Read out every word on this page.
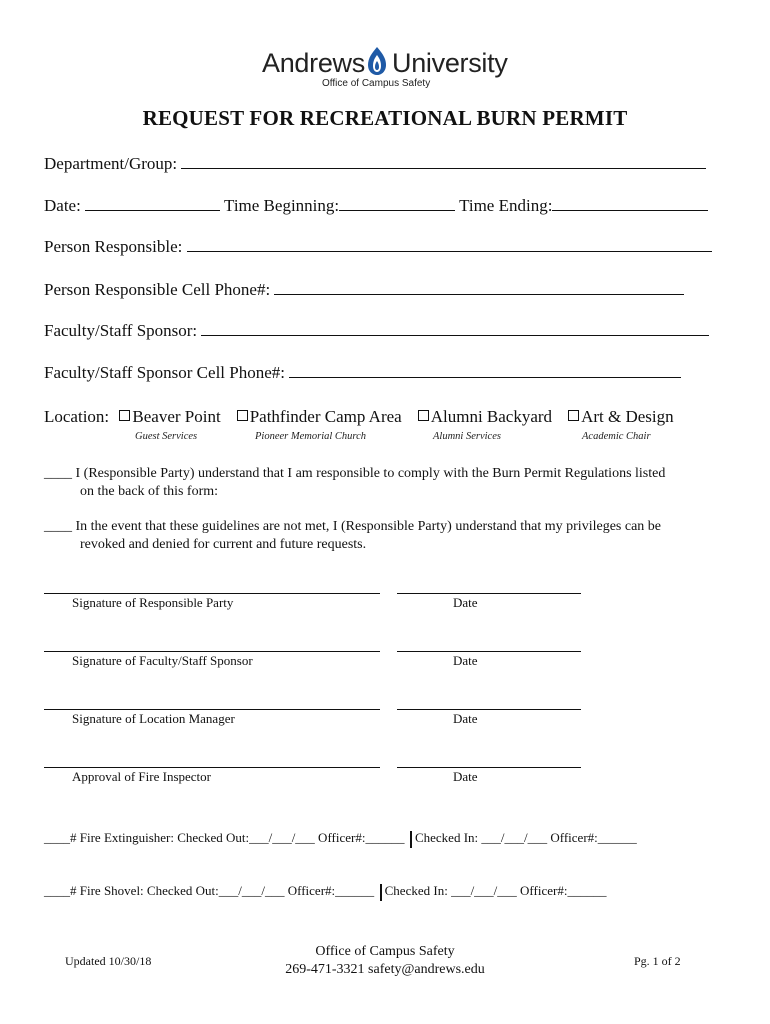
Andrews University
Office of Campus Safety
REQUEST FOR RECREATIONAL BURN PERMIT
Department/Group:
Date:	Time Beginning:	Time Ending:
Person Responsible:
Person Responsible Cell Phone#:
Faculty/Staff Sponsor:
Faculty/Staff Sponsor Cell Phone#:
Location: Beaver Point Pathfinder Camp Area Alumni Backyard Art & Design
Guest Services	Pioneer Memorial Church	Alumni Services	Academic Chair
____ I (Responsible Party) understand that I am responsible to comply with the Burn Permit Regulations listed
on the back of this form:
____ In the event that these guidelines are not met, I (Responsible Party) understand that my privileges can be
revoked and denied for current and future requests.
Signature of Responsible Party	Date
Signature of Faculty/Staff Sponsor	Date
Signature of Location Manager	Date
Approval of Fire Inspector	Date
____# Fire Extinguisher: Checked Out:___/___/___ Officer#:______ Checked In: ___/___/___ Officer#:______
____# Fire Shovel: Checked Out:___/___/___ Officer#:______ Checked In: ___/___/___ Officer#:______
Updated 10/30/18
Office of Campus Safety
269-471-3321 safety@andrews.edu
Pg. 1 of 2
